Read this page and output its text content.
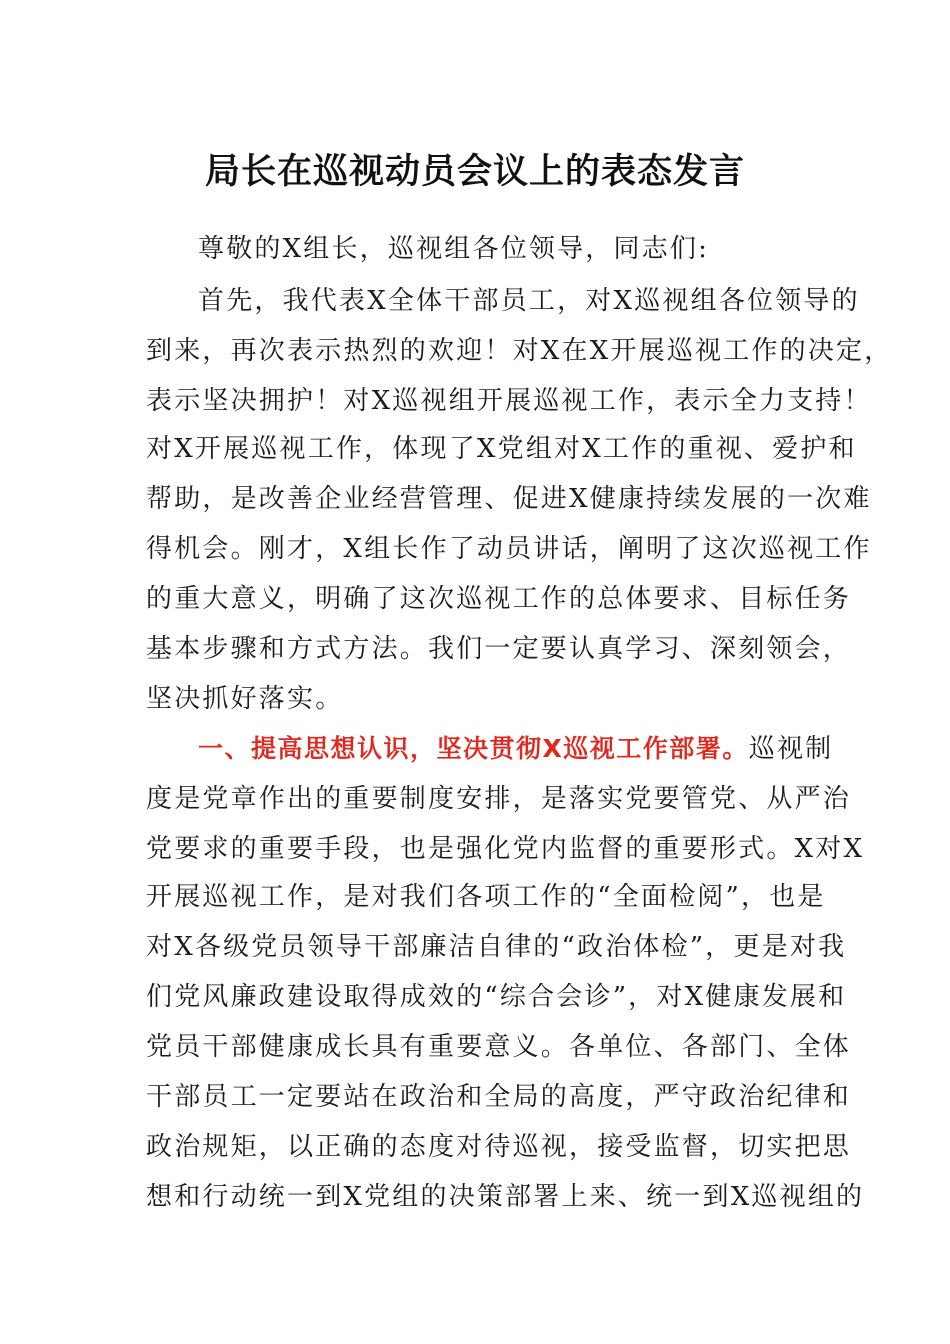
局长在巡视动员会议上的表态发言
尊敬的X组长，巡视组各位领导，同志们:
首先，我代表X全体干部员工，对X巡视组各位领导的
到来，再次表示热烈的欢迎！对X在X开展巡视工作的决定，
表示坚决拥护！对X巡视组开展巡视工作，表示全力支持！
对X开展巡视工作，体现了X党组对X工作的重视、爱护和
帮助，是改善企业经营管理、促进X健康持续发展的一次难
得机会。刚才，X组长作了动员讲话，阐明了这次巡视工作
的重大意义，明确了这次巡视工作的总体要求、目标任务
基本步骤和方式方法。我们一定要认真学习、深刻领会，
坚决抓好落实。
一、提高思想认识，坚决贯彻X巡视工作部署。巡视制
度是党章作出的重要制度安排，是落实党要管党、从严治
党要求的重要手段，也是强化党内监督的重要形式。X对X
开展巡视工作，是对我们各项工作的“全面检阅”，也是
对X各级党员领导干部廉洁自律的“政治体检”，更是对我
们党风廉政建设取得成效的“综合会诊”，对X健康发展和
党员干部健康成长具有重要意义。各单位、各部门、全体
干部员工一定要站在政治和全局的高度，严守政治纪律和
政治规矩，以正确的态度对待巡视，接受监督，切实把思
想和行动统一到X党组的决策部署上来、统一到X巡视组的
